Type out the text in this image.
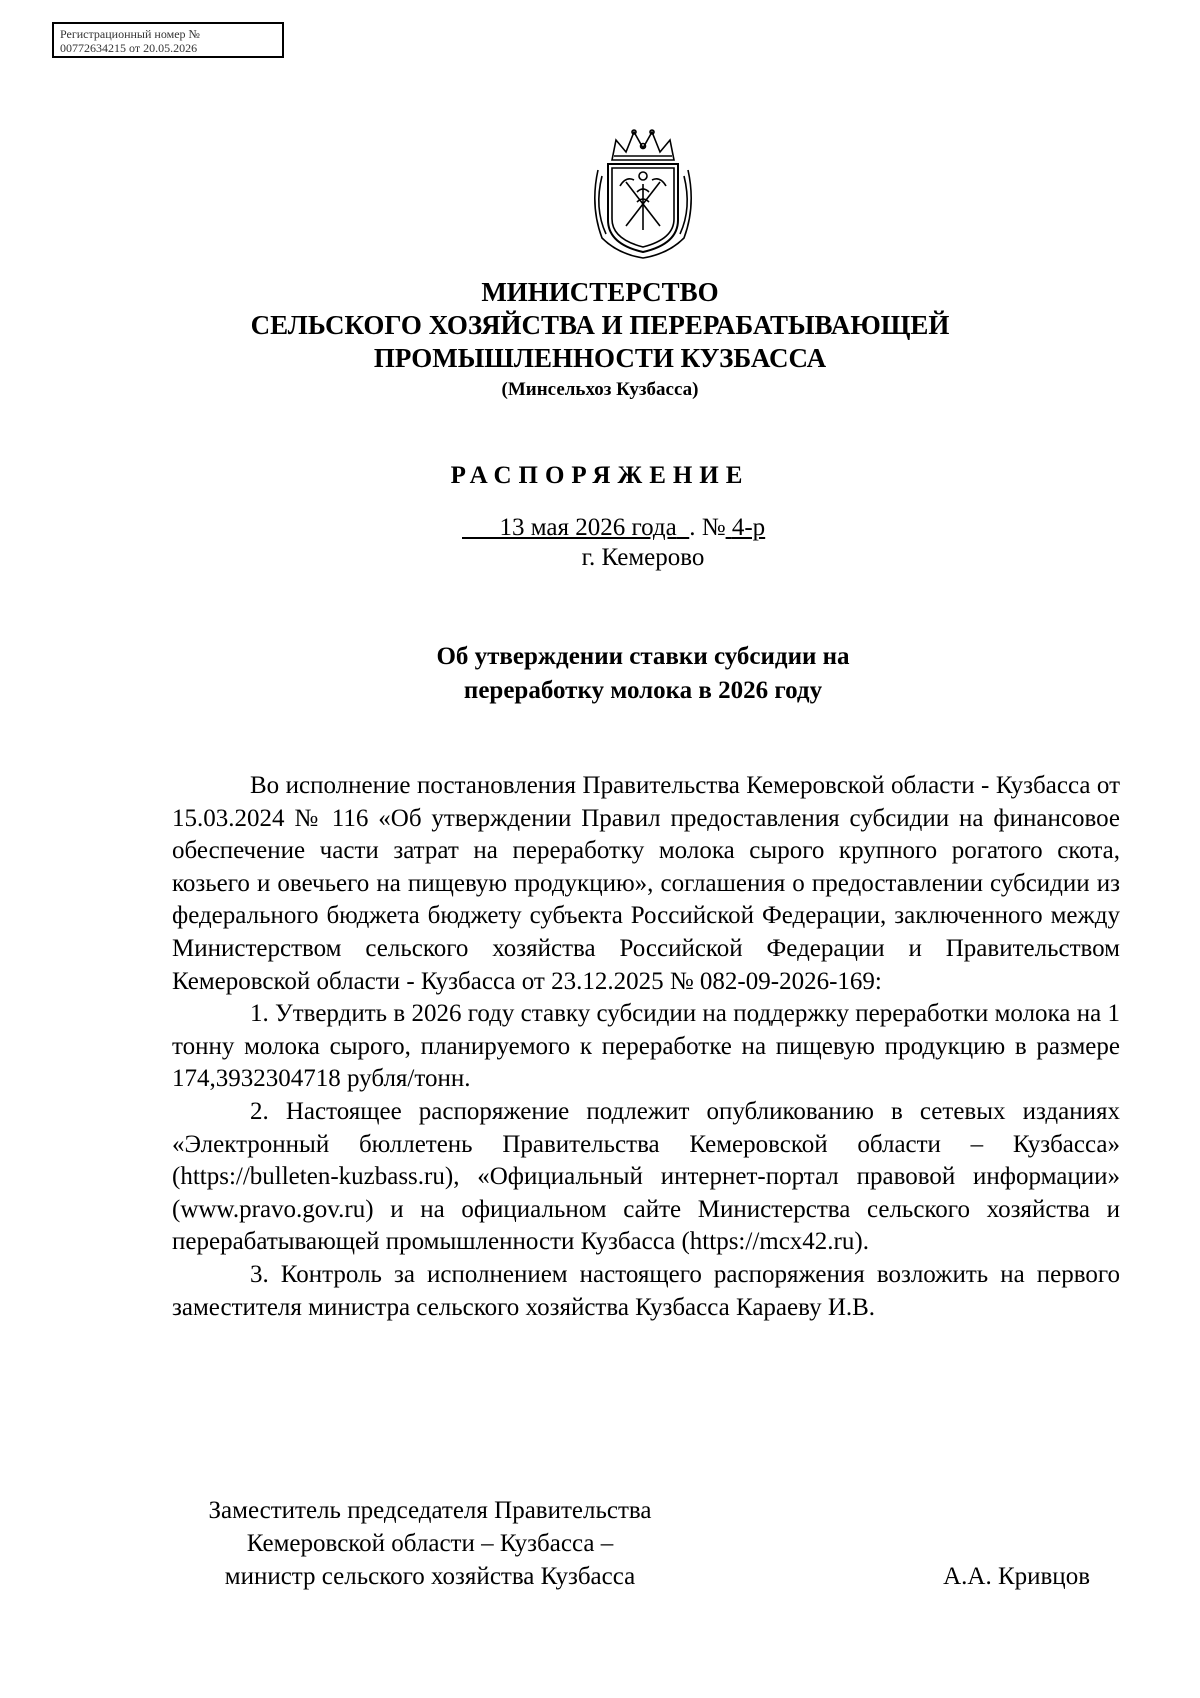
Регистрационный номер №
00772634215 от 20.05.2026
МИНИСТЕРСТВО
СЕЛЬСКОГО ХОЗЯЙСТВА И ПЕРЕРАБАТЫВАЮЩЕЙ
ПРОМЫШЛЕННОСТИ КУЗБАССА
(Минсельхоз Кузбасса)
РАСПОРЯЖЕНИЕ
13 мая 2026 года . № 4-р
г. Кемерово
Об утверждении ставки субсидии на
переработку молока в 2026 году

Во исполнение постановления Правительства Кемеровской области - Кузбасса от 15.03.2024 № 116 «Об утверждении Правил предоставления субсидии на финансовое обеспечение части затрат на переработку молока сырого крупного рогатого скота, козьего и овечьего на пищевую продукцию», соглашения о предоставлении субсидии из федерального бюджета бюджету субъекта Российской Федерации, заключенного между Министерством сельского хозяйства Российской Федерации и Правительством Кемеровской области - Кузбасса от 23.12.2025 № 082-09-2026-169:

1. Утвердить в 2026 году ставку субсидии на поддержку переработки молока на 1 тонну молока сырого, планируемого к переработке на пищевую продукцию в размере 174,3932304718 рубля/тонн.

2. Настоящее распоряжение подлежит опубликованию в сетевых изданиях «Электронный бюллетень Правительства Кемеровской области – Кузбасса» (https://bulleten-kuzbass.ru), «Официальный интернет-портал правовой информации» (www.pravo.gov.ru) и на официальном сайте Министерства сельского хозяйства и перерабатывающей промышленности Кузбасса (https://mcx42.ru).

3. Контроль за исполнением настоящего распоряжения возложить на первого заместителя министра сельского хозяйства Кузбасса Караеву И.В.

Заместитель председателя Правительства
Кемеровской области – Кузбасса –
министр сельского хозяйства Кузбасса	А.А. Кривцов
